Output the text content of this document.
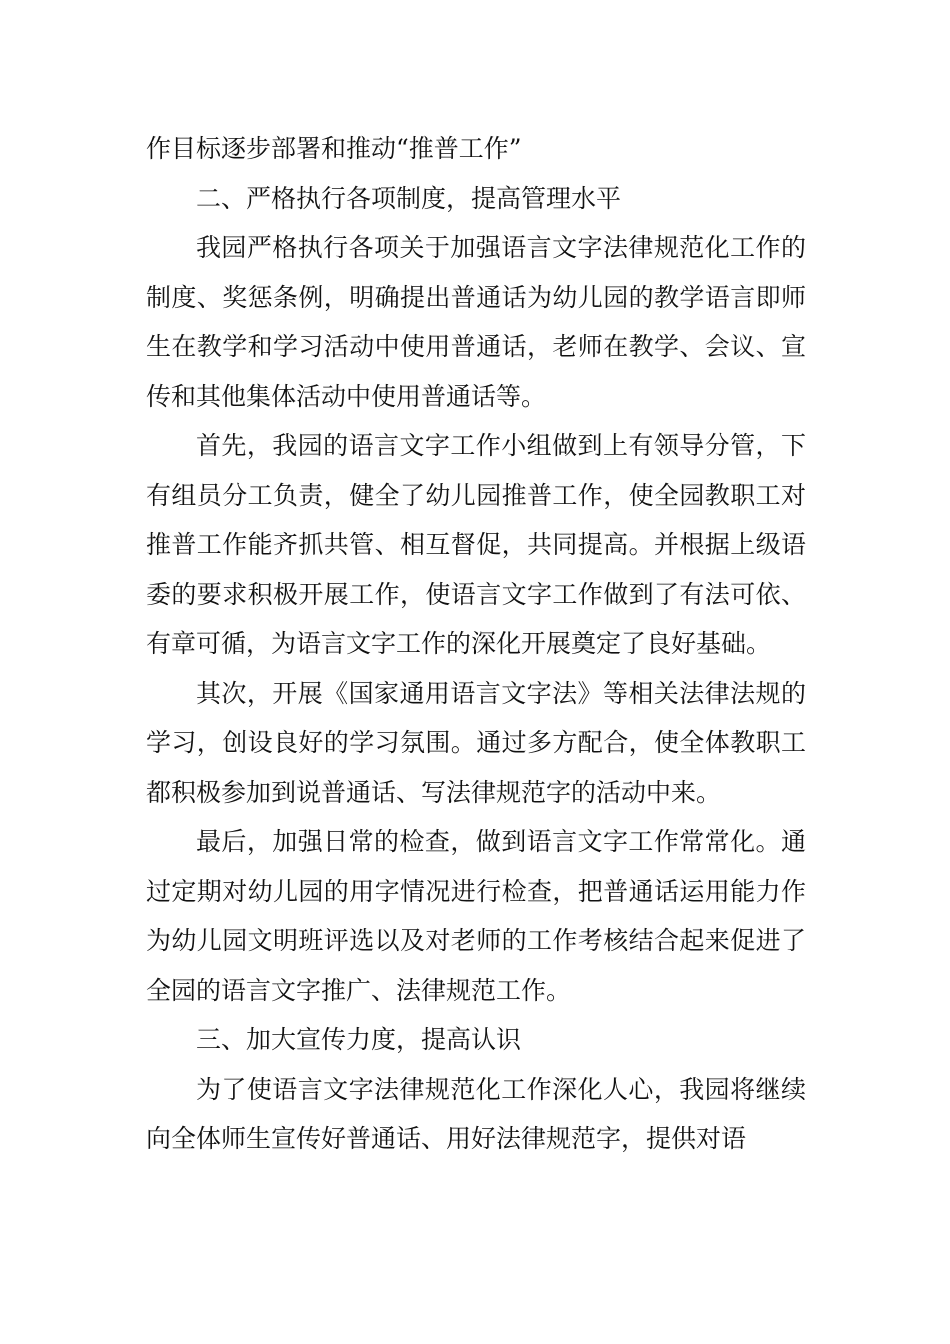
作目标逐步部署和推动“推普工作”

二、严格执行各项制度，提高管理水平

我园严格执行各项关于加强语言文字法律规范化工作的制度、奖惩条例，明确提出普通话为幼儿园的教学语言即师生在教学和学习活动中使用普通话，老师在教学、会议、宣传和其他集体活动中使用普通话等。

首先，我园的语言文字工作小组做到上有领导分管，下有组员分工负责，健全了幼儿园推普工作，使全园教职工对推普工作能齐抓共管、相互督促，共同提高。并根据上级语委的要求积极开展工作，使语言文字工作做到了有法可依、有章可循，为语言文字工作的深化开展奠定了良好基础。

其次，开展《国家通用语言文字法》等相关法律法规的学习，创设良好的学习氛围。通过多方配合，使全体教职工都积极参加到说普通话、写法律规范字的活动中来。

最后，加强日常的检查，做到语言文字工作常常化。通过定期对幼儿园的用字情况进行检查，把普通话运用能力作为幼儿园文明班评选以及对老师的工作考核结合起来促进了全园的语言文字推广、法律规范工作。

三、加大宣传力度，提高认识

为了使语言文字法律规范化工作深化人心，我园将继续向全体师生宣传好普通话、用好法律规范字，提供对语
